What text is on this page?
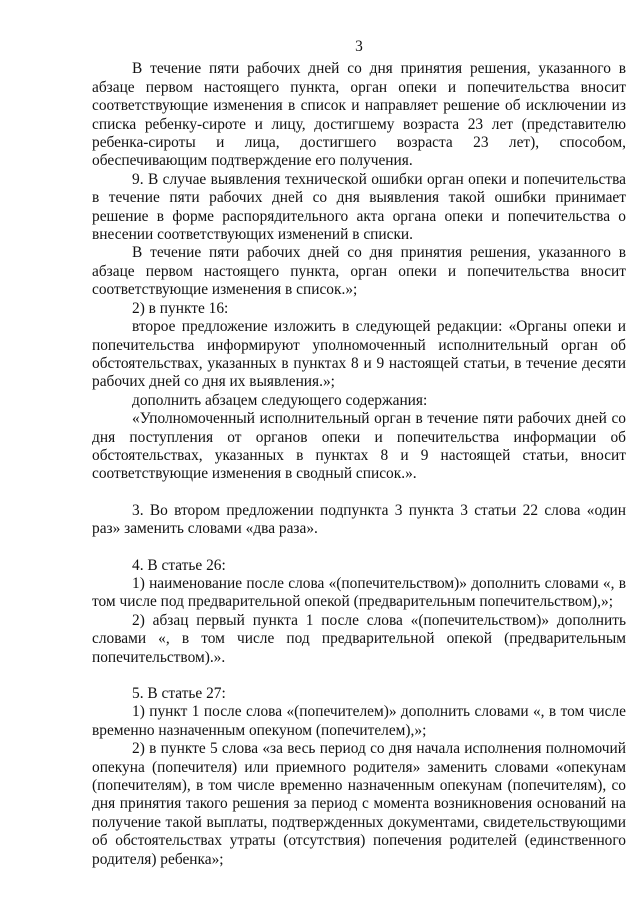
3

В течение пяти рабочих дней со дня принятия решения, указанного в абзаце первом настоящего пункта, орган опеки и попечительства вносит соответствующие изменения в список и направляет решение об исключении из списка ребенку-сироте и лицу, достигшему возраста 23 лет (представителю ребенка-сироты и лица, достигшего возраста 23 лет), способом, обеспечивающим подтверждение его получения.

9. В случае выявления технической ошибки орган опеки и попечительства в течение пяти рабочих дней со дня выявления такой ошибки принимает решение в форме распорядительного акта органа опеки и попечительства о внесении соответствующих изменений в списки.

В течение пяти рабочих дней со дня принятия решения, указанного в абзаце первом настоящего пункта, орган опеки и попечительства вносит соответствующие изменения в список.»;

2) в пункте 16:

второе предложение изложить в следующей редакции: «Органы опеки и попечительства информируют уполномоченный исполнительный орган об обстоятельствах, указанных в пунктах 8 и 9 настоящей статьи, в течение десяти рабочих дней со дня их выявления.»;

дополнить абзацем следующего содержания:

«Уполномоченный исполнительный орган в течение пяти рабочих дней со дня поступления от органов опеки и попечительства информации об обстоятельствах, указанных в пунктах 8 и 9 настоящей статьи, вносит соответствующие изменения в сводный список.».

3. Во втором предложении подпункта 3 пункта 3 статьи 22 слова «один раз» заменить словами «два раза».

4. В статье 26:

1) наименование после слова «(попечительством)» дополнить словами «, в том числе под предварительной опекой (предварительным попечительством),»;

2) абзац первый пункта 1 после слова «(попечительством)» дополнить словами «, в том числе под предварительной опекой (предварительным попечительством).».

5. В статье 27:

1) пункт 1 после слова «(попечителем)» дополнить словами «, в том числе временно назначенным опекуном (попечителем),»;

2) в пункте 5 слова «за весь период со дня начала исполнения полномочий опекуна (попечителя) или приемного родителя» заменить словами «опекунам (попечителям), в том числе временно назначенным опекунам (попечителям), со дня принятия такого решения за период с момента возникновения оснований на получение такой выплаты, подтвержденных документами, свидетельствующими об обстоятельствах утраты (отсутствия) попечения родителей (единственного родителя) ребенка»;
